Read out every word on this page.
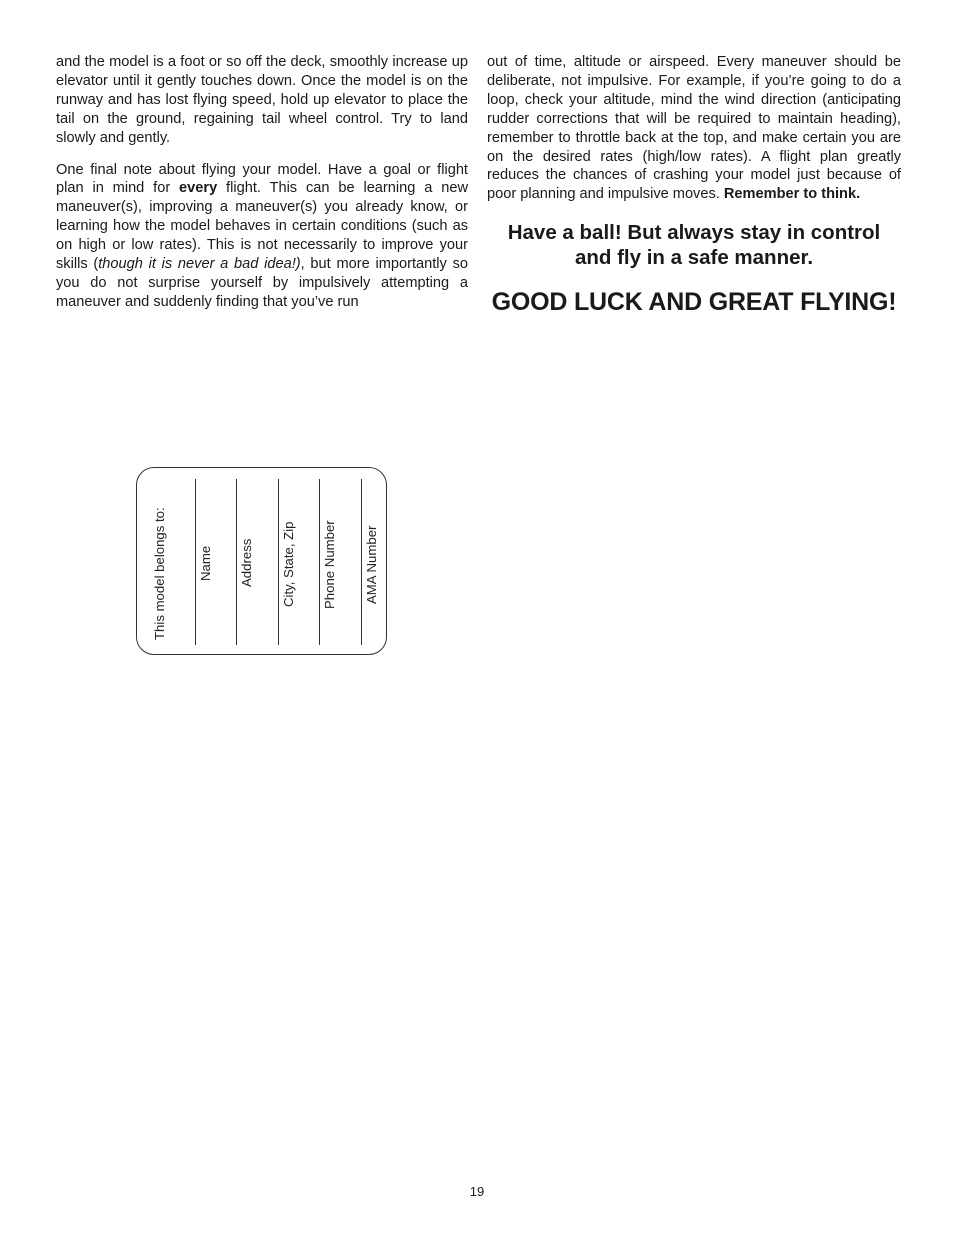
and the model is a foot or so off the deck, smoothly increase up elevator until it gently touches down. Once the model is on the runway and has lost flying speed, hold up elevator to place the tail on the ground, regaining tail wheel control. Try to land slowly and gently.

One final note about flying your model. Have a goal or flight plan in mind for every flight. This can be learning a new maneuver(s), improving a maneuver(s) you already know, or learning how the model behaves in certain conditions (such as on high or low rates). This is not necessarily to improve your skills (though it is never a bad idea!), but more importantly so you do not surprise yourself by impulsively attempting a maneuver and suddenly finding that you’ve run

out of time, altitude or airspeed. Every maneuver should be deliberate, not impulsive. For example, if you’re going to do a loop, check your altitude, mind the wind direction (anticipating rudder corrections that will be required to maintain heading), remember to throttle back at the top, and make certain you are on the desired rates (high/low rates). A flight plan greatly reduces the chances of crashing your model just because of poor planning and impulsive moves. Remember to think.

Have a ball! But always stay in control
and fly in a safe manner.
GOOD LUCK AND GREAT FLYING!
This model belongs to: Name Address City, State, Zip Phone Number AMA Number
19
